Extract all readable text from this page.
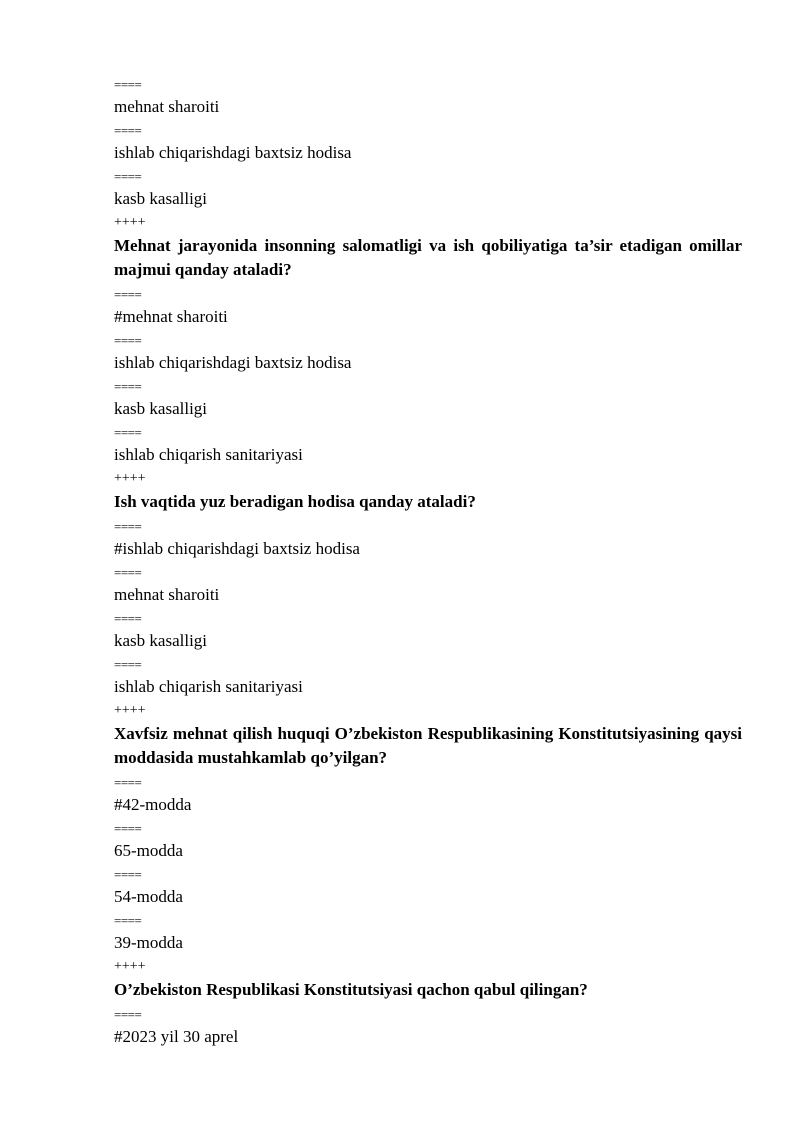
====
mehnat sharoiti
====
ishlab chiqarishdagi baxtsiz hodisa
====
kasb kasalligi
++++
Mehnat jarayonida insonning salomatligi va ish qobiliyatiga ta’sir etadigan omillar majmui qanday ataladi?
====
#mehnat sharoiti
====
ishlab chiqarishdagi baxtsiz hodisa
====
kasb kasalligi
====
ishlab chiqarish sanitariyasi
++++
Ish vaqtida yuz beradigan hodisa qanday ataladi?
====
#ishlab chiqarishdagi baxtsiz hodisa
====
mehnat sharoiti
====
kasb kasalligi
====
ishlab chiqarish sanitariyasi
++++
Xavfsiz mehnat qilish huquqi O’zbekiston Respublikasining Konstitutsiyasining qaysi moddasida mustahkamlab qo’yilgan?
====
#42-modda
====
65-modda
====
54-modda
====
39-modda
++++
O’zbekiston Respublikasi Konstitutsiyasi qachon qabul qilingan?
====
#2023 yil 30 aprel
